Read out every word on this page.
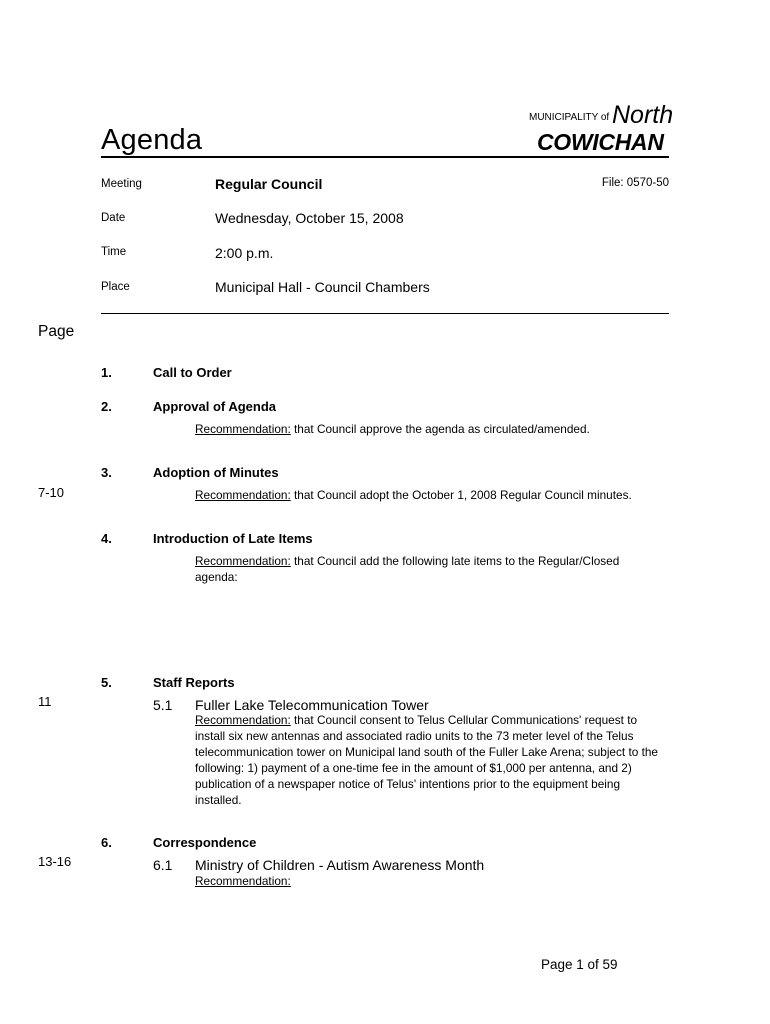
Agenda
MUNICIPALITY of North
COWICHAN
Meeting	Regular Council	File: 0570-50
Date	Wednesday, October 15, 2008
Time	2:00 p.m.
Place	Municipal Hall - Council Chambers
Page
1.	Call to Order
2.	Approval of Agenda
Recommendation: that Council approve the agenda as circulated/amended.
3.	Adoption of Minutes
7-10	Recommendation: that Council adopt the October 1, 2008 Regular Council minutes.
4.	Introduction of Late Items
Recommendation: that Council add the following late items to the Regular/Closed agenda:
5.	Staff Reports
11	5.1 Fuller Lake Telecommunication Tower
Recommendation: that Council consent to Telus Cellular Communications' request to install six new antennas and associated radio units to the 73 meter level of the Telus telecommunication tower on Municipal land south of the Fuller Lake Arena; subject to the following: 1) payment of a one-time fee in the amount of $1,000 per antenna, and 2) publication of a newspaper notice of Telus' intentions prior to the equipment being installed.
6.	Correspondence
13-16	6.1 Ministry of Children - Autism Awareness Month
Recommendation:
Page 1 of 59
